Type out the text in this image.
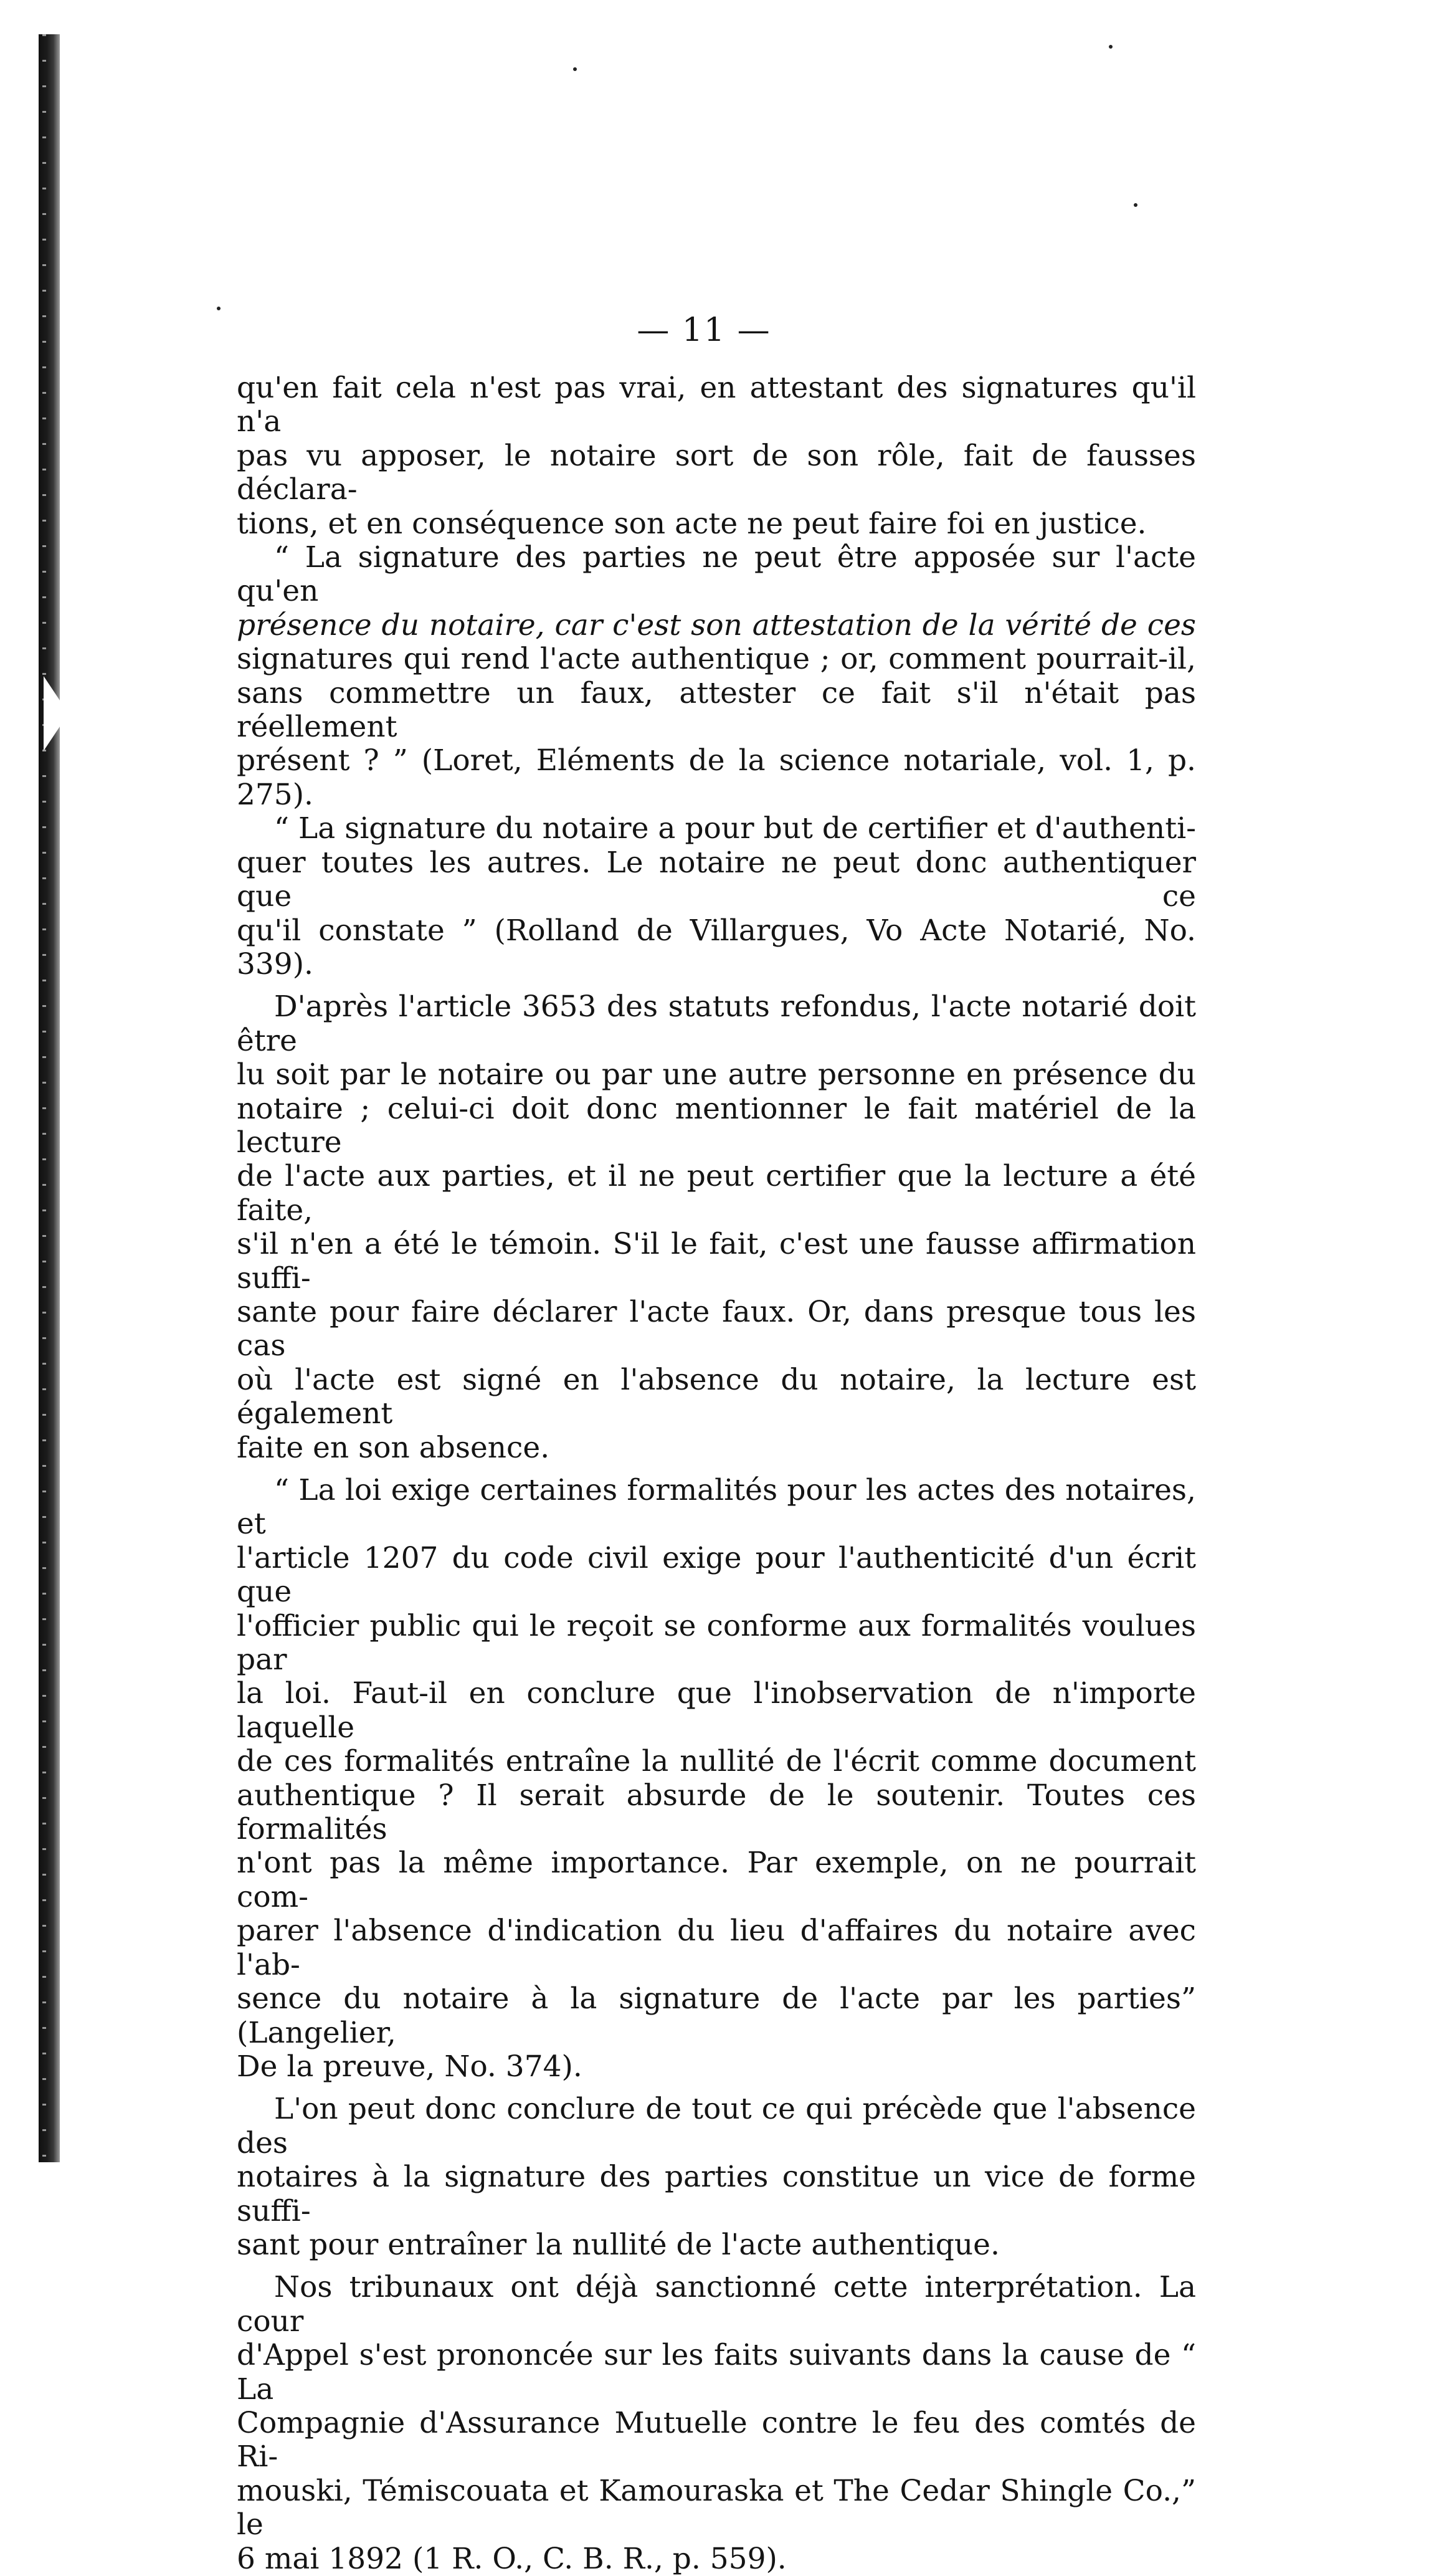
— 11 —

qu'en fait cela n'est pas vrai, en attestant des signatures qu'il n'a

pas vu apposer, le notaire sort de son rôle, fait de fausses déclara-

tions, et en conséquence son acte ne peut faire foi en justice.

“ La signature des parties ne peut être apposée sur l'acte qu'en

présence du notaire, car c'est son attestation de la vérité de ces

signatures qui rend l'acte authentique ; or, comment pourrait-il,

sans commettre un faux, attester ce fait s'il n'était pas réellement

présent ? ” (Loret, Eléments de la science notariale, vol. 1, p. 275).

“ La signature du notaire a pour but de certifier et d'authenti-

quer toutes les autres. Le notaire ne peut donc authentiquer que ce

qu'il constate ” (Rolland de Villargues, Vo Acte Notarié, No. 339).

D'après l'article 3653 des statuts refondus, l'acte notarié doit être

lu soit par le notaire ou par une autre personne en présence du

notaire ; celui-ci doit donc mentionner le fait matériel de la lecture

de l'acte aux parties, et il ne peut certifier que la lecture a été faite,

s'il n'en a été le témoin. S'il le fait, c'est une fausse affirmation suffi-

sante pour faire déclarer l'acte faux. Or, dans presque tous les cas

où l'acte est signé en l'absence du notaire, la lecture est également

faite en son absence.

“ La loi exige certaines formalités pour les actes des notaires, et

l'article 1207 du code civil exige pour l'authenticité d'un écrit que

l'officier public qui le reçoit se conforme aux formalités voulues par

la loi. Faut-il en conclure que l'inobservation de n'importe laquelle

de ces formalités entraîne la nullité de l'écrit comme document

authentique ? Il serait absurde de le soutenir. Toutes ces formalités

n'ont pas la même importance. Par exemple, on ne pourrait com-

parer l'absence d'indication du lieu d'affaires du notaire avec l'ab-

sence du notaire à la signature de l'acte par les parties” (Langelier,

De la preuve, No. 374).

L'on peut donc conclure de tout ce qui précède que l'absence des

notaires à la signature des parties constitue un vice de forme suffi-

sant pour entraîner la nullité de l'acte authentique.

Nos tribunaux ont déjà sanctionné cette interprétation. La cour

d'Appel s'est prononcée sur les faits suivants dans la cause de “ La

Compagnie d'Assurance Mutuelle contre le feu des comtés de Ri-

mouski, Témiscouata et Kamouraska et The Cedar Shingle Co.,” le

6 mai 1892 (1 R. O., C. B. R., p. 559).
